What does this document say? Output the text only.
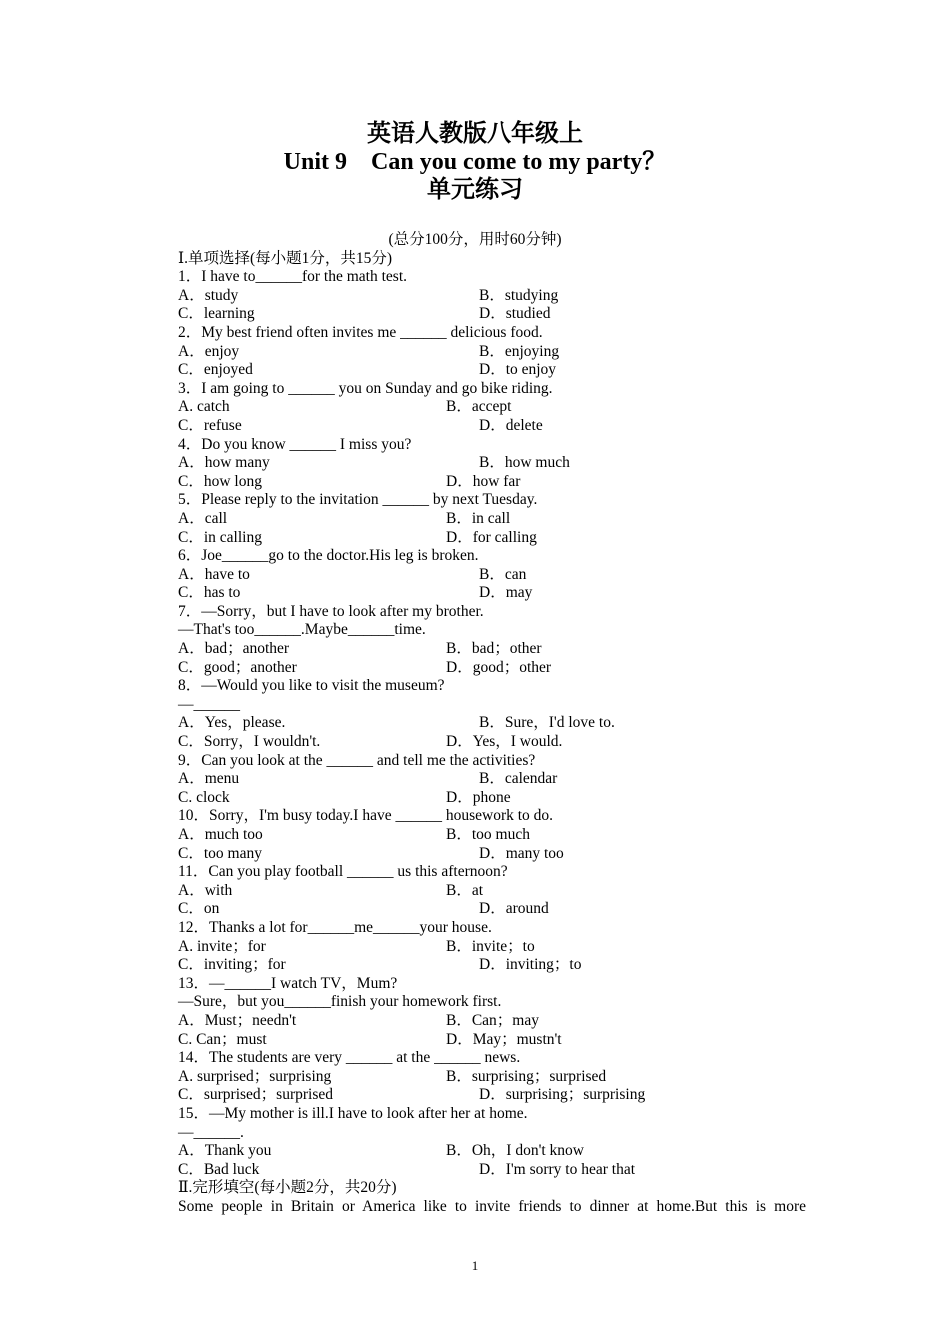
英语人教版八年级上
Unit 9　Can you come to my party？
单元练习
(总分100分，用时60分钟)
Ⅰ.单项选择(每小题1分，共15分)
1．I have to______for the math test.
A．study	B．studying
C．learning	D．studied
2．My best friend often invites me ______ delicious food.
A．enjoy	B．enjoying
C．enjoyed	D．to enjoy
3．I am going to ______ you on Sunday and go bike riding.
A. catch	B．accept
C．refuse	D．delete
4．Do you know ______ I miss you?
A．how many	B．how much
C．how long	D．how far
5．Please reply to the invitation ______ by next Tuesday.
A．call	B．in call
C．in calling	D．for calling
6．Joe______go to the doctor.His leg is broken.
A．have to	B．can
C．has to	D．may
7．—Sorry，but I have to look after my brother.
—That's too______.Maybe______time.
A．bad；another	B．bad；other
C．good；another	D．good；other
8．—Would you like to visit the museum?
—______
A．Yes，please.	B．Sure，I'd love to.
C．Sorry，I wouldn't.	D．Yes，I would.
9．Can you look at the ______ and tell me the activities?
A．menu	B．calendar
C. clock	D．phone
10．Sorry，I'm busy today.I have ______ housework to do.
A．much too	B．too much
C．too many	D．many too
11．Can you play football ______ us this afternoon?
A．with	B．at
C．on	D．around
12．Thanks a lot for______me______your house.
A. invite；for	B．invite；to
C．inviting；for	D．inviting；to
13．—______I watch TV，Mum?
—Sure，but you______finish your homework first.
A．Must；needn't	B．Can；may
C. Can；must	D．May；mustn't
14．The students are very ______ at the ______ news.
A. surprised；surprising	B．surprising；surprised
C．surprised；surprised	D．surprising；surprising
15．—My mother is ill.I have to look after her at home.
—______.
A．Thank you	B．Oh，I don't know
C．Bad luck	D．I'm sorry to hear that
Ⅱ.完形填空(每小题2分，共20分)
Some people in Britain or America like to invite friends to dinner at home.But this is more
1
